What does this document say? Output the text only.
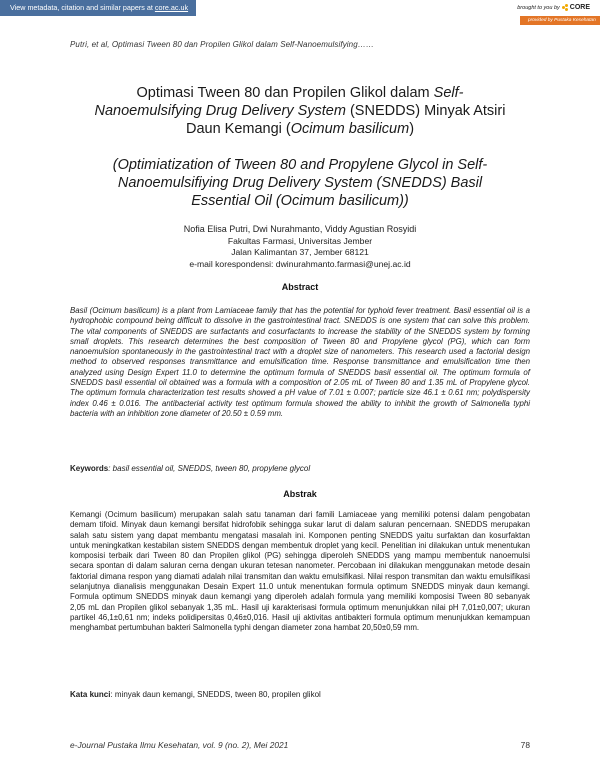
View metadata, citation and similar papers at core.ac.uk	brought to you by CORE
provided by Pustaka Kesehatan
Putri, et al, Optimasi Tween 80 dan Propilen Glikol dalam Self-Nanoemulsifying……
Optimasi Tween 80 dan Propilen Glikol dalam Self-
Nanoemulsifying Drug Delivery System (SNEDDS) Minyak Atsiri
Daun Kemangi (Ocimum basilicum)
(Optimiatization of Tween 80 and Propylene Glycol in Self-
Nanoemulsifiying Drug Delivery System (SNEDDS) Basil
Essential Oil (Ocimum basilicum))
Nofia Elisa Putri, Dwi Nurahmanto, Viddy Agustian Rosyidi
Fakultas Farmasi, Universitas Jember
Jalan Kalimantan 37, Jember 68121
e-mail korespondensi: dwinurahmanto.farmasi@unej.ac.id
Abstract
Basil (Ocimum basilicum) is a plant from Lamiaceae family that has the potential for typhoid fever treatment. Basil essential oil is a hydrophobic compound being difficult to dissolve in the gastrointestinal tract. SNEDDS is one system that can solve this problem. The vital components of SNEDDS are surfactants and cosurfactants to increase the stability of the SNEDDS system by forming small droplets. This research determines the best composition of Tween 80 and Propylene glycol (PG), which can form nanoemulsion spontaneously in the gastrointestinal tract with a droplet size of nanometers. This research used a factorial design method to observed responses transmittance and emulsification time. Response transmittance and emulsification time then analyzed using Design Expert 11.0 to determine the optimum formula of SNEDDS basil essential oil. The optimum formula of SNEDDS basil essential oil obtained was a formula with a composition of 2.05 mL of Tween 80 and 1.35 mL of Propylene glycol. The optimum formula characterization test results showed a pH value of 7.01 ± 0.007; particle size 46.1 ± 0.61 nm; polydispersity index 0.46 ± 0.016. The antibacterial activity test optimum formula showed the ability to inhibit the growth of Salmonella typhi bacteria with an inhibition zone diameter of 20.50 ± 0.59 mm.
Keywords: basil essential oil, SNEDDS, tween 80, propylene glycol
Abstrak
Kemangi (Ocimum basilicum) merupakan salah satu tanaman dari famili Lamiaceae yang memiliki potensi dalam pengobatan demam tifoid. Minyak daun kemangi bersifat hidrofobik sehingga sukar larut di dalam saluran pencernaan. SNEDDS merupakan salah satu sistem yang dapat membantu mengatasi masalah ini. Komponen penting SNEDDS yaitu surfaktan dan kosurfaktan untuk meningkatkan kestabilan sistem SNEDDS dengan membentuk droplet yang kecil. Penelitian ini dilakukan untuk menentukan komposisi terbaik dari Tween 80 dan Propilen glikol (PG) sehingga diperoleh SNEDDS yang mampu membentuk nanoemulsi secara spontan di dalam saluran cerna dengan ukuran tetesan nanometer. Percobaan ini dilakukan menggunakan metode desain faktorial dimana respon yang diamati adalah nilai transmitan dan waktu emulsifikasi. Nilai respon transmitan dan waktu emulsifikasi selanjutnya dianalisis menggunakan Desain Expert 11.0 untuk menentukan formula optimum SNEDDS minyak daun kemangi. Formula optimum SNEDDS minyak daun kemangi yang diperoleh adalah formula yang memiliki komposisi Tween 80 sebanyak 2,05 mL dan Propilen glikol sebanyak 1,35 mL. Hasil uji karakterisasi formula optimum menunjukkan nilai pH 7,01±0,007; ukuran partikel 46,1±0,61 nm; indeks polidipersitas 0,46±0,016. Hasil uji aktivitas antibakteri formula optimum menunjukkan kemampuan menghambat pertumbuhan bakteri Salmonella typhi dengan diameter zona hambat 20,50±0,59 mm.
Kata kunci: minyak daun kemangi, SNEDDS, tween 80, propilen glikol
e-Journal Pustaka Ilmu Kesehatan, vol. 9 (no. 2), Mei 2021	78
